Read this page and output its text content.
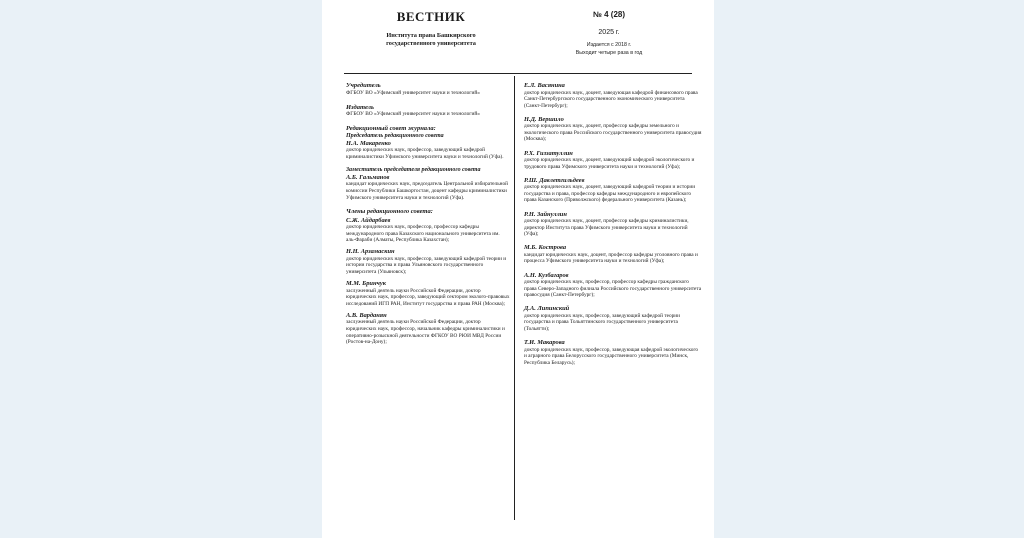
ВЕСТНИК
Института права Башкирского
государственного университета
№ 4 (28)
2025 г.
Издается с 2018 г.
Выходит четыре раза в год
Учредитель
ФГБОУ ВО «Уфимский университет науки и технологий»
Издатель
ФГБОУ ВО «Уфимский университет науки и технологий»
Редакционный совет журнала:
Председатель редакционного совета
Н.А. Макаренко
доктор юридических наук, профессор, заведующий кафедрой криминалистики Уфимского университета науки и технологий (Уфа).
Заместитель председателя редакционного совета
А.Б. Гальманов
кандидат юридических наук, председатель Центральной избирательной комиссии Республики Башкортостан, доцент кафедры криминалистики Уфимского университета науки и технологий (Уфа).
Члены редакционного совета:
С.Ж. Айдарбаев
доктор юридических наук, профессор, профессор кафедры международного права Казахского национального университета им. аль-Фараби (Алматы, Республика Казахстан);
Н.Н. Арзамаскин
доктор юридических наук, профессор, заведующий кафедрой теории и истории государства и права Ульяновского государственного университета (Ульяновск);
М.М. Бринчук
заслуженный деятель науки Российской Федерации, доктор юридических наук, профессор, заведующий сектором эколого-правовых исследований ИГП РАН, Институт государства и права РАН (Москва);
А.В. Варданян
заслуженный деятель науки Российской Федерации, доктор юридических наук, профессор, начальник кафедры криминалистики и оперативно-розыскной деятельности ФГКОУ ВО РЮИ МВД России (Ростов-на-Дону);
Е.Л. Васянина
доктор юридических наук, доцент, заведующая кафедрой финансового права Санкт-Петербургского государственного экономического университета (Санкт-Петербург);
Н.Д. Вершило
доктор юридических наук, доцент, профессор кафедры земельного и экологического права Российского государственного университета правосудия (Москва);
Р.Х. Гиззатуллин
доктор юридических наук, доцент, заведующий кафедрой экологического и трудового права Уфимского университета науки и технологий (Уфа);
Р.Ш. Давлетгильдеев
доктор юридических наук, доцент, заведующий кафедрой теории и истории государства и права, профессор кафедры международного и европейского права Казанского (Приволжского) федерального университета (Казань);
Р.Н. Зайнуллин
доктор юридических наук, доцент, профессор кафедры криминалистики, директор Института права Уфимского университета науки и технологий (Уфа);
М.Б. Кострова
кандидат юридических наук, доцент, профессор кафедры уголовного права и процесса Уфимского университета науки и технологий (Уфа);
А.Н. Кузбагаров
доктор юридических наук, профессор, профессор кафедры гражданского права Северо-Западного филиала Российского государственного университета правосудия (Санкт-Петербург);
Д.А. Липинский
доктор юридических наук, профессор, заведующий кафедрой теории государства и права Тольяттинского государственного университета (Тольятти);
Т.И. Макарова
доктор юридических наук, профессор, заведующая кафедрой экологического и аграрного права Белорусского государственного университета (Минск, Республика Беларусь);
